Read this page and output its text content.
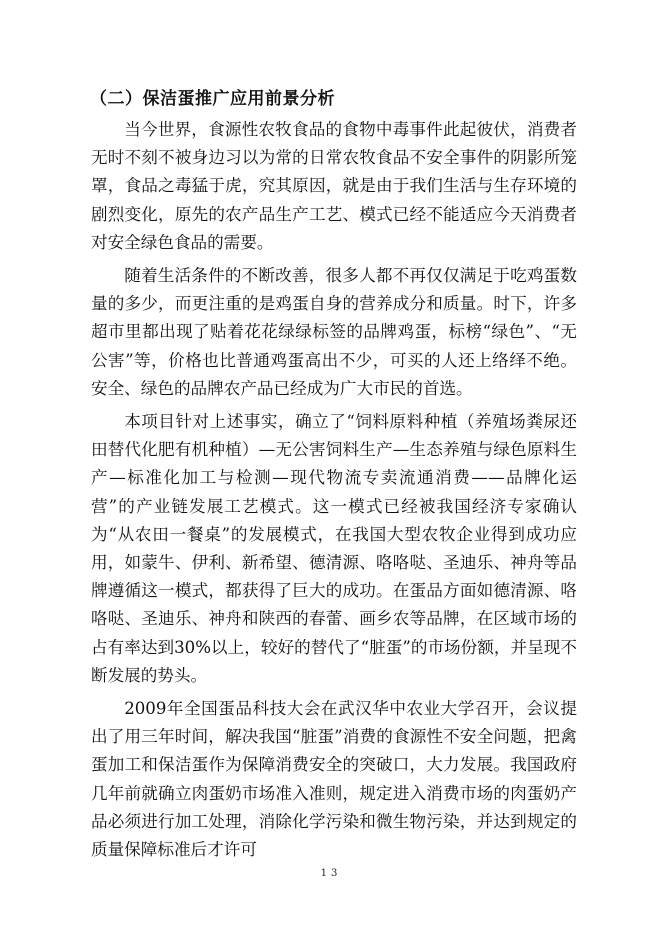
（二）保洁蛋推广应用前景分析

当今世界，食源性农牧食品的食物中毒事件此起彼伏，消费者无时不刻不被身边习以为常的日常农牧食品不安全事件的阴影所笼罩，食品之毒猛于虎，究其原因，就是由于我们生活与生存环境的剧烈变化，原先的农产品生产工艺、模式已经不能适应今天消费者对安全绿色食品的需要。

随着生活条件的不断改善，很多人都不再仅仅满足于吃鸡蛋数量的多少，而更注重的是鸡蛋自身的营养成分和质量。时下，许多超市里都出现了贴着花花绿绿标签的品牌鸡蛋，标榜“绿色”、“无公害”等，价格也比普通鸡蛋高出不少，可买的人还上络绎不绝。安全、绿色的品牌农产品已经成为广大市民的首选。

本项目针对上述事实，确立了“饲料原料种植（养殖场粪尿还田替代化肥有机种植）—无公害饲料生产—生态养殖与绿色原料生产—标准化加工与检测—现代物流专卖流通消费——品牌化运营”的产业链发展工艺模式。这一模式已经被我国经济专家确认为“从农田一餐桌”的发展模式，在我国大型农牧企业得到成功应用，如蒙牛、伊利、新希望、德清源、咯咯哒、圣迪乐、神舟等品牌遵循这一模式，都获得了巨大的成功。在蛋品方面如德清源、咯咯哒、圣迪乐、神舟和陕西的春蕾、画乡农等品牌，在区域市场的占有率达到30%以上，较好的替代了“脏蛋”的市场份额，并呈现不断发展的势头。

2009年全国蛋品科技大会在武汉华中农业大学召开，会议提出了用三年时间，解决我国“脏蛋”消费的食源性不安全问题，把禽蛋加工和保洁蛋作为保障消费安全的突破口，大力发展。我国政府几年前就确立肉蛋奶市场准入准则，规定进入消费市场的肉蛋奶产品必须进行加工处理，消除化学污染和微生物污染，并达到规定的质量保障标准后才许可

13
